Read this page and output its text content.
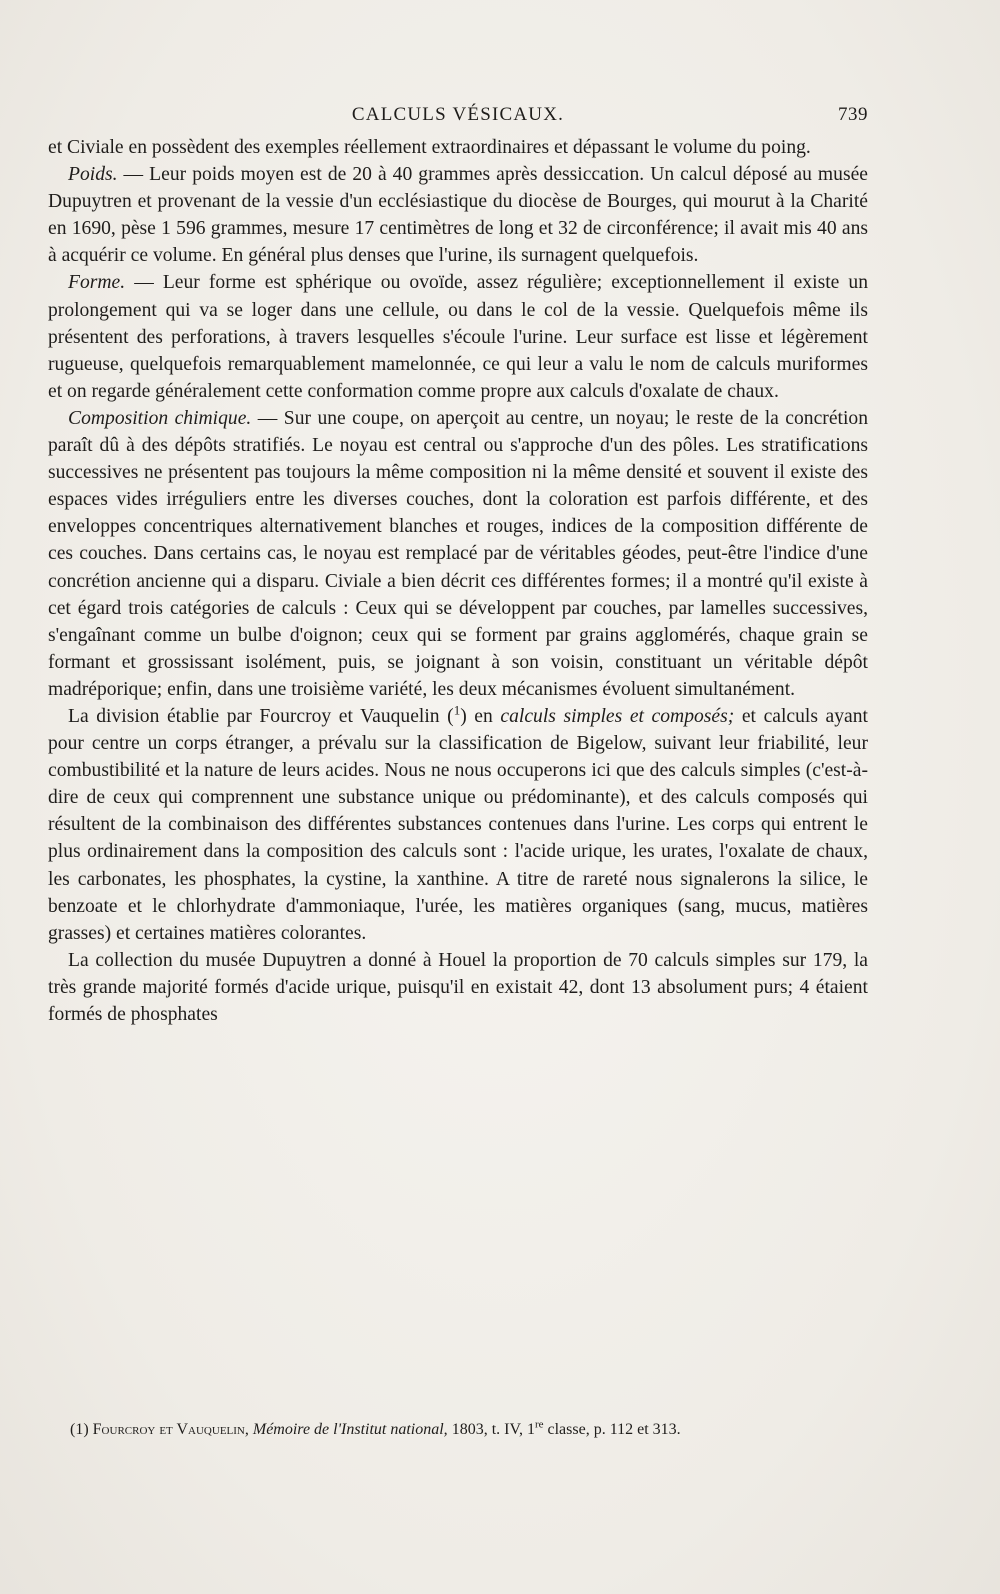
CALCULS VÉSICAUX.	739

et Civiale en possèdent des exemples réellement extraordinaires et dépassant le volume du poing.

Poids. — Leur poids moyen est de 20 à 40 grammes après dessiccation. Un calcul déposé au musée Dupuytren et provenant de la vessie d'un ecclésiastique du diocèse de Bourges, qui mourut à la Charité en 1690, pèse 1 596 grammes, mesure 17 centimètres de long et 32 de circonférence; il avait mis 40 ans à acquérir ce volume. En général plus denses que l'urine, ils surnagent quelquefois.

Forme. — Leur forme est sphérique ou ovoïde, assez régulière; exceptionnellement il existe un prolongement qui va se loger dans une cellule, ou dans le col de la vessie. Quelquefois même ils présentent des perforations, à travers lesquelles s'écoule l'urine. Leur surface est lisse et légèrement rugueuse, quelquefois remarquablement mamelonnée, ce qui leur a valu le nom de calculs muriformes et on regarde généralement cette conformation comme propre aux calculs d'oxalate de chaux.

Composition chimique. — Sur une coupe, on aperçoit au centre, un noyau; le reste de la concrétion paraît dû à des dépôts stratifiés. Le noyau est central ou s'approche d'un des pôles. Les stratifications successives ne présentent pas toujours la même composition ni la même densité et souvent il existe des espaces vides irréguliers entre les diverses couches, dont la coloration est parfois différente, et des enveloppes concentriques alternativement blanches et rouges, indices de la composition différente de ces couches. Dans certains cas, le noyau est remplacé par de véritables géodes, peut-être l'indice d'une concrétion ancienne qui a disparu. Civiale a bien décrit ces différentes formes; il a montré qu'il existe à cet égard trois catégories de calculs : Ceux qui se développent par couches, par lamelles successives, s'engaînant comme un bulbe d'oignon; ceux qui se forment par grains agglomérés, chaque grain se formant et grossissant isolément, puis, se joignant à son voisin, constituant un véritable dépôt madréporique; enfin, dans une troisième variété, les deux mécanismes évoluent simultanément.

La division établie par Fourcroy et Vauquelin ($^1$) en calculs simples et composés; et calculs ayant pour centre un corps étranger, a prévalu sur la classification de Bigelow, suivant leur friabilité, leur combustibilité et la nature de leurs acides. Nous ne nous occuperons ici que des calculs simples (c'est-à-dire de ceux qui comprennent une substance unique ou prédominante), et des calculs composés qui résultent de la combinaison des différentes substances contenues dans l'urine. Les corps qui entrent le plus ordinairement dans la composition des calculs sont : l'acide urique, les urates, l'oxalate de chaux, les carbonates, les phosphates, la cystine, la xanthine. A titre de rareté nous signalerons la silice, le benzoate et le chlorhydrate d'ammoniaque, l'urée, les matières organiques (sang, mucus, matières grasses) et certaines matières colorantes.

La collection du musée Dupuytren a donné à Houel la proportion de 70 calculs simples sur 179, la très grande majorité formés d'acide urique, puisqu'il en existait 42, dont 13 absolument purs; 4 étaient formés de phosphates

(1) Fourcroy et Vauquelin, Mémoire de l'Institut national, 1803, t. IV, 1re classe, p. 112 et 313.
